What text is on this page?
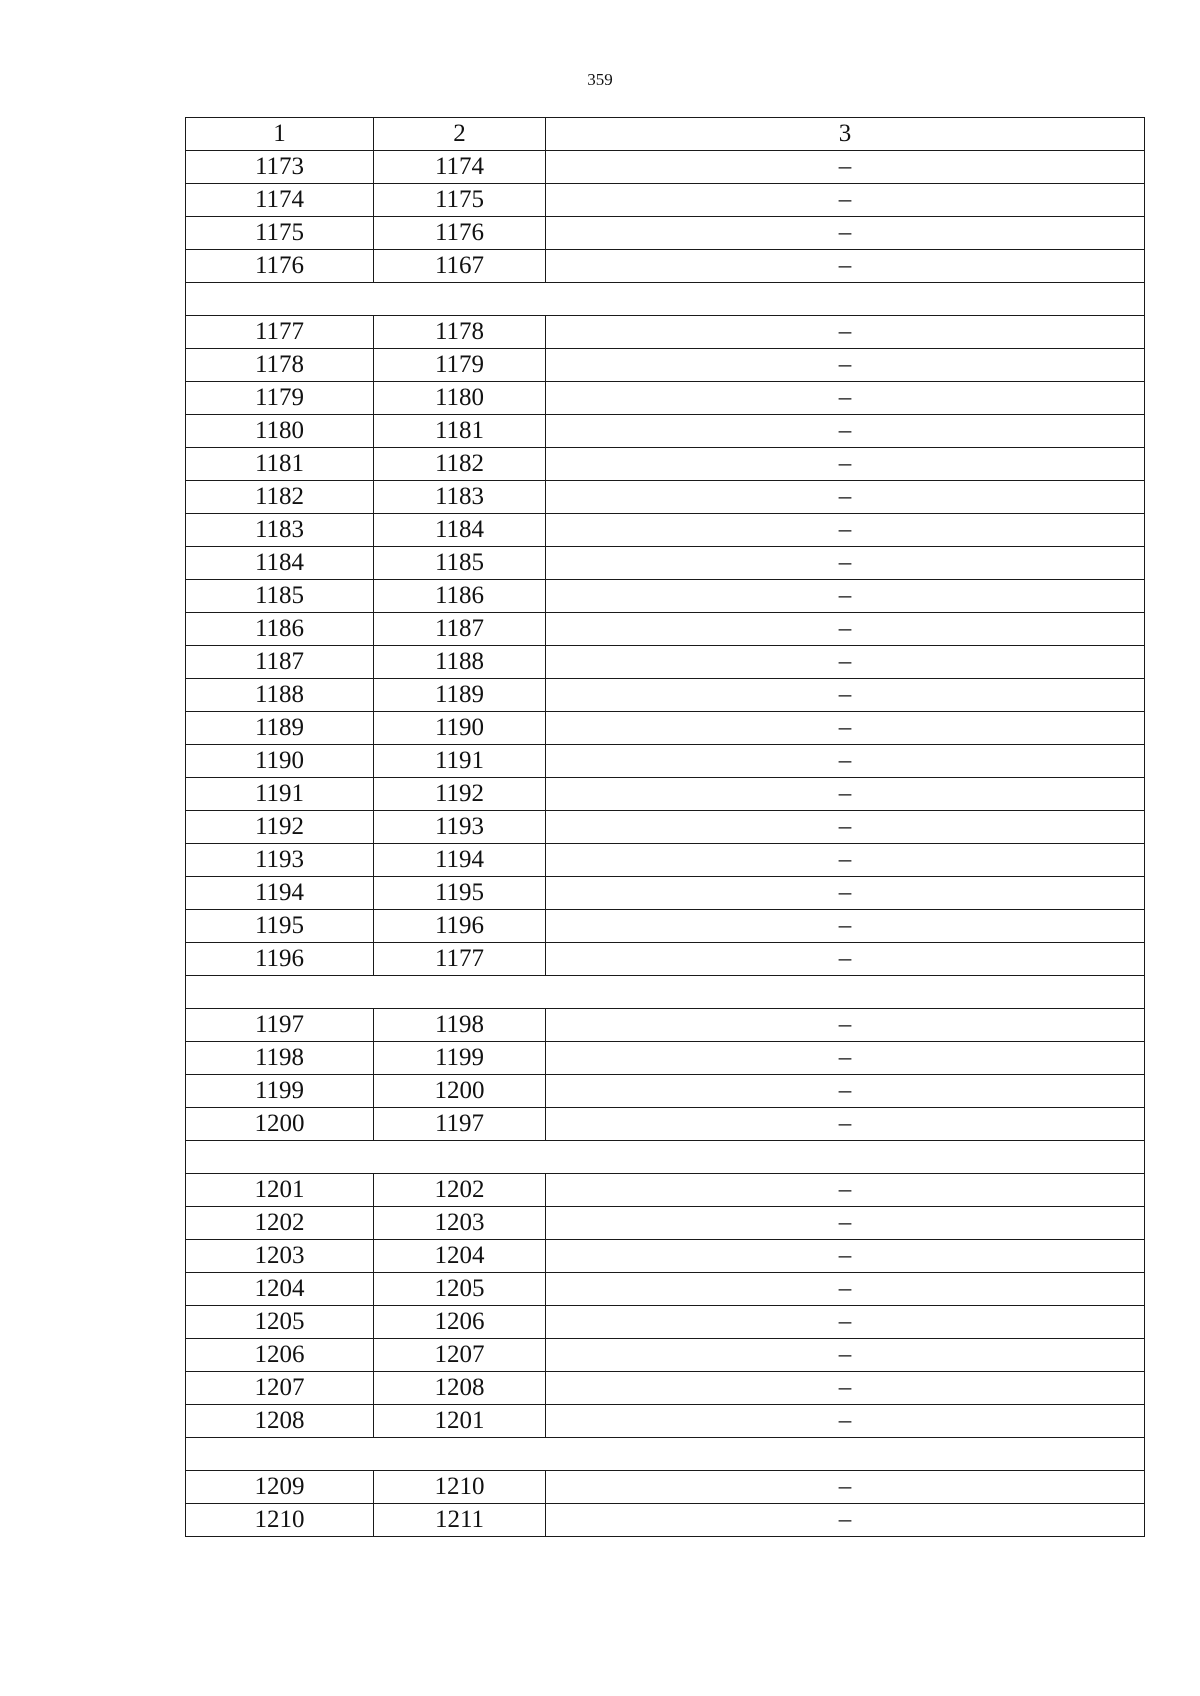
359
1	2	3
1173	1174	–
1174	1175	–
1175	1176	–
1176	1167	–

1177	1178	–
1178	1179	–
1179	1180	–
1180	1181	–
1181	1182	–
1182	1183	–
1183	1184	–
1184	1185	–
1185	1186	–
1186	1187	–
1187	1188	–
1188	1189	–
1189	1190	–
1190	1191	–
1191	1192	–
1192	1193	–
1193	1194	–
1194	1195	–
1195	1196	–
1196	1177	–

1197	1198	–
1198	1199	–
1199	1200	–
1200	1197	–

1201	1202	–
1202	1203	–
1203	1204	–
1204	1205	–
1205	1206	–
1206	1207	–
1207	1208	–
1208	1201	–

1209	1210	–
1210	1211	–
